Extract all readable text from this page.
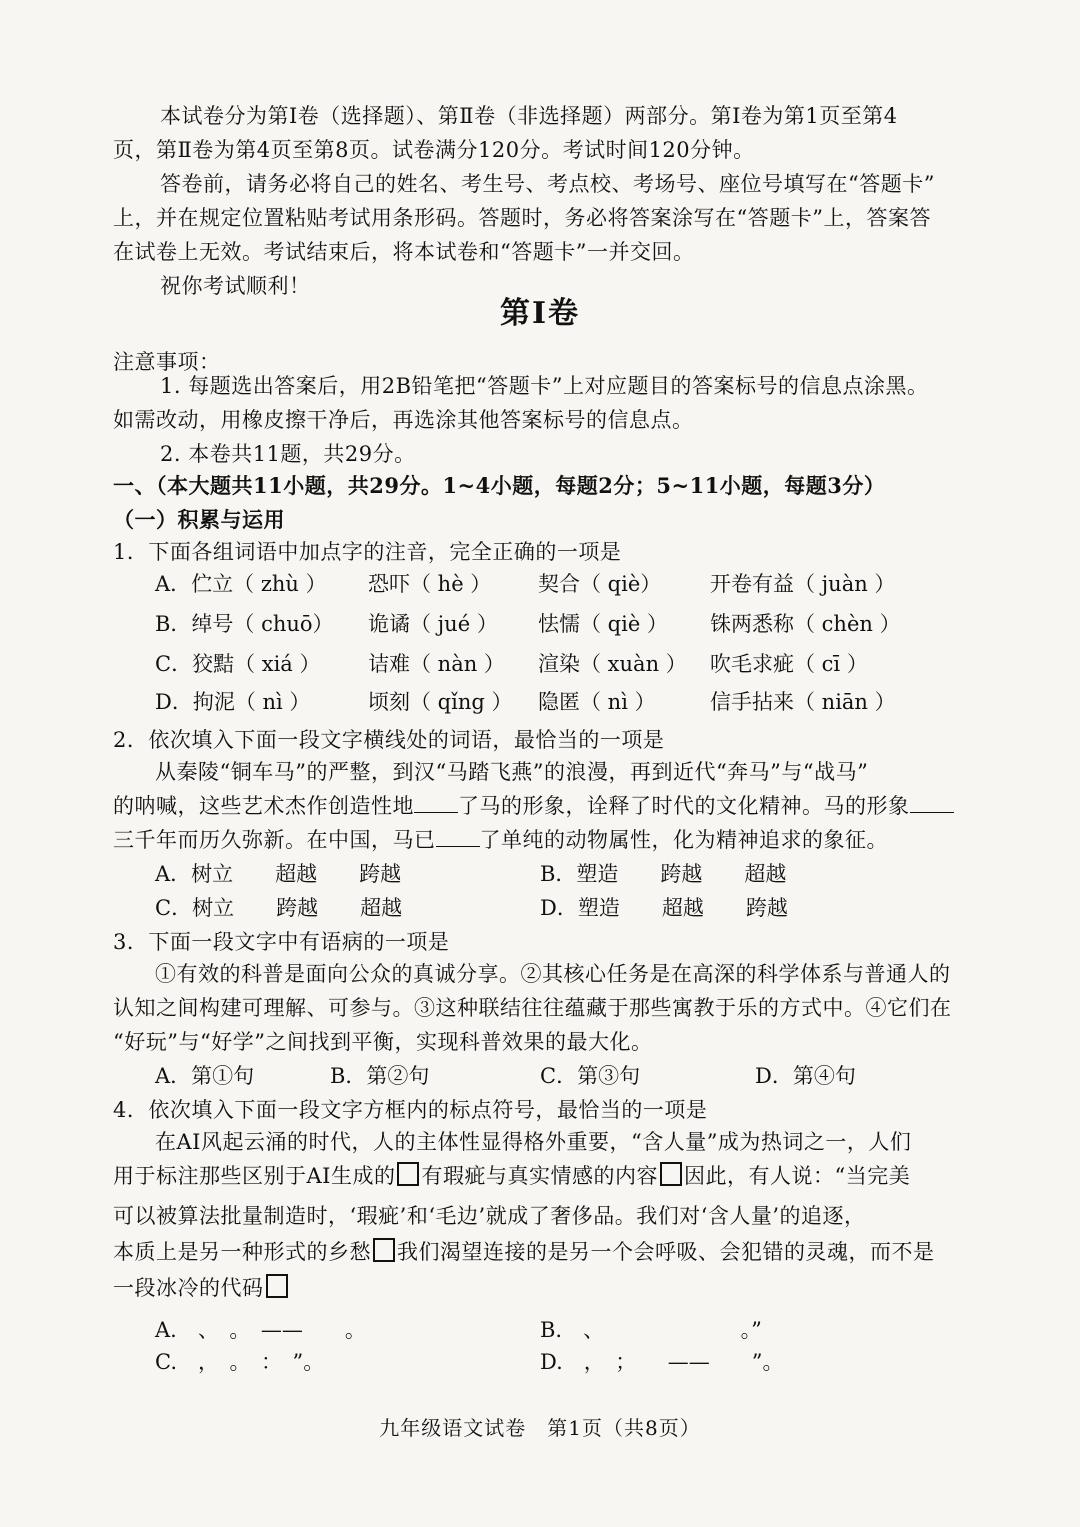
本试卷分为第Ⅰ卷（选择题）、第Ⅱ卷（非选择题）两部分。第Ⅰ卷为第1页至第4
页，第Ⅱ卷为第4页至第8页。试卷满分120分。考试时间120分钟。
答卷前，请务必将自己的姓名、考生号、考点校、考场号、座位号填写在“答题卡”
上，并在规定位置粘贴考试用条形码。答题时，务必将答案涂写在“答题卡”上，答案答
在试卷上无效。考试结束后，将本试卷和“答题卡”一并交回。
祝你考试顺利！
第Ⅰ卷
注意事项：
1. 每题选出答案后，用2B铅笔把“答题卡”上对应题目的答案标号的信息点涂黑。
如需改动，用橡皮擦干净后，再选涂其他答案标号的信息点。
2. 本卷共11题，共29分。
一、（本大题共11小题，共29分。1~4小题，每题2分；5~11小题，每题3分）
（一）积累与运用
1．下面各组词语中加点字的注音，完全正确的一项是
A．伫立（ zhù ） 恐吓（ hè ） 契合（ qiè） 开卷有益（ juàn ）
B．绰号（ chuō） 诡谲（ jué ） 怯懦（ qiè ） 铢两悉称（ chèn ）
C．狡黠（ xiá ） 诘难（ nàn ） 渲染（ xuàn ） 吹毛求疵（ cī ）
D．拘泥（ nì ）	顷刻（ qǐng ） 隐匿（ nì ）	信手拈来（ niān ）
2．依次填入下面一段文字横线处的词语，最恰当的一项是
从秦陵“铜车马”的严整，到汉“马踏飞燕”的浪漫，再到近代“奔马”与“战马”
的呐喊，这些艺术杰作创造性地 了马的形象，诠释了时代的文化精神。马的形象
三千年而历久弥新。在中国，马已 了单纯的动物属性，化为精神追求的象征。
A．树立　　超越　　跨越	B．塑造　　跨越　　超越
C．树立　　跨越　　超越	D．塑造　　超越　　跨越
3．下面一段文字中有语病的一项是
①有效的科普是面向公众的真诚分享。②其核心任务是在高深的科学体系与普通人的
认知之间构建可理解、可参与。③这种联结往往蕴藏于那些寓教于乐的方式中。④它们在
“好玩”与“好学”之间找到平衡，实现科普效果的最大化。
A．第①句	B．第②句	C．第③句	D．第④句
4．依次填入下面一段文字方框内的标点符号，最恰当的一项是
在AI风起云涌的时代，人的主体性显得格外重要，“含人量”成为热词之一，人们
用于标注那些区别于AI生成的 有瑕疵与真实情感的内容 因此，有人说：“当完美
可以被算法批量制造时，‘瑕疵’和‘毛边’就成了奢侈品。我们对‘含人量’的追逐，
本质上是另一种形式的乡愁 我们渴望连接的是另一个会呼吸、会犯错的灵魂，而不是
一段冰冷的代码
A.　、　。　——　　。	B.　、　　　　　　　。”
C.　，　。　：　”。	D.　，　；　　——　　”。
九年级语文试卷　第1页（共8页）
